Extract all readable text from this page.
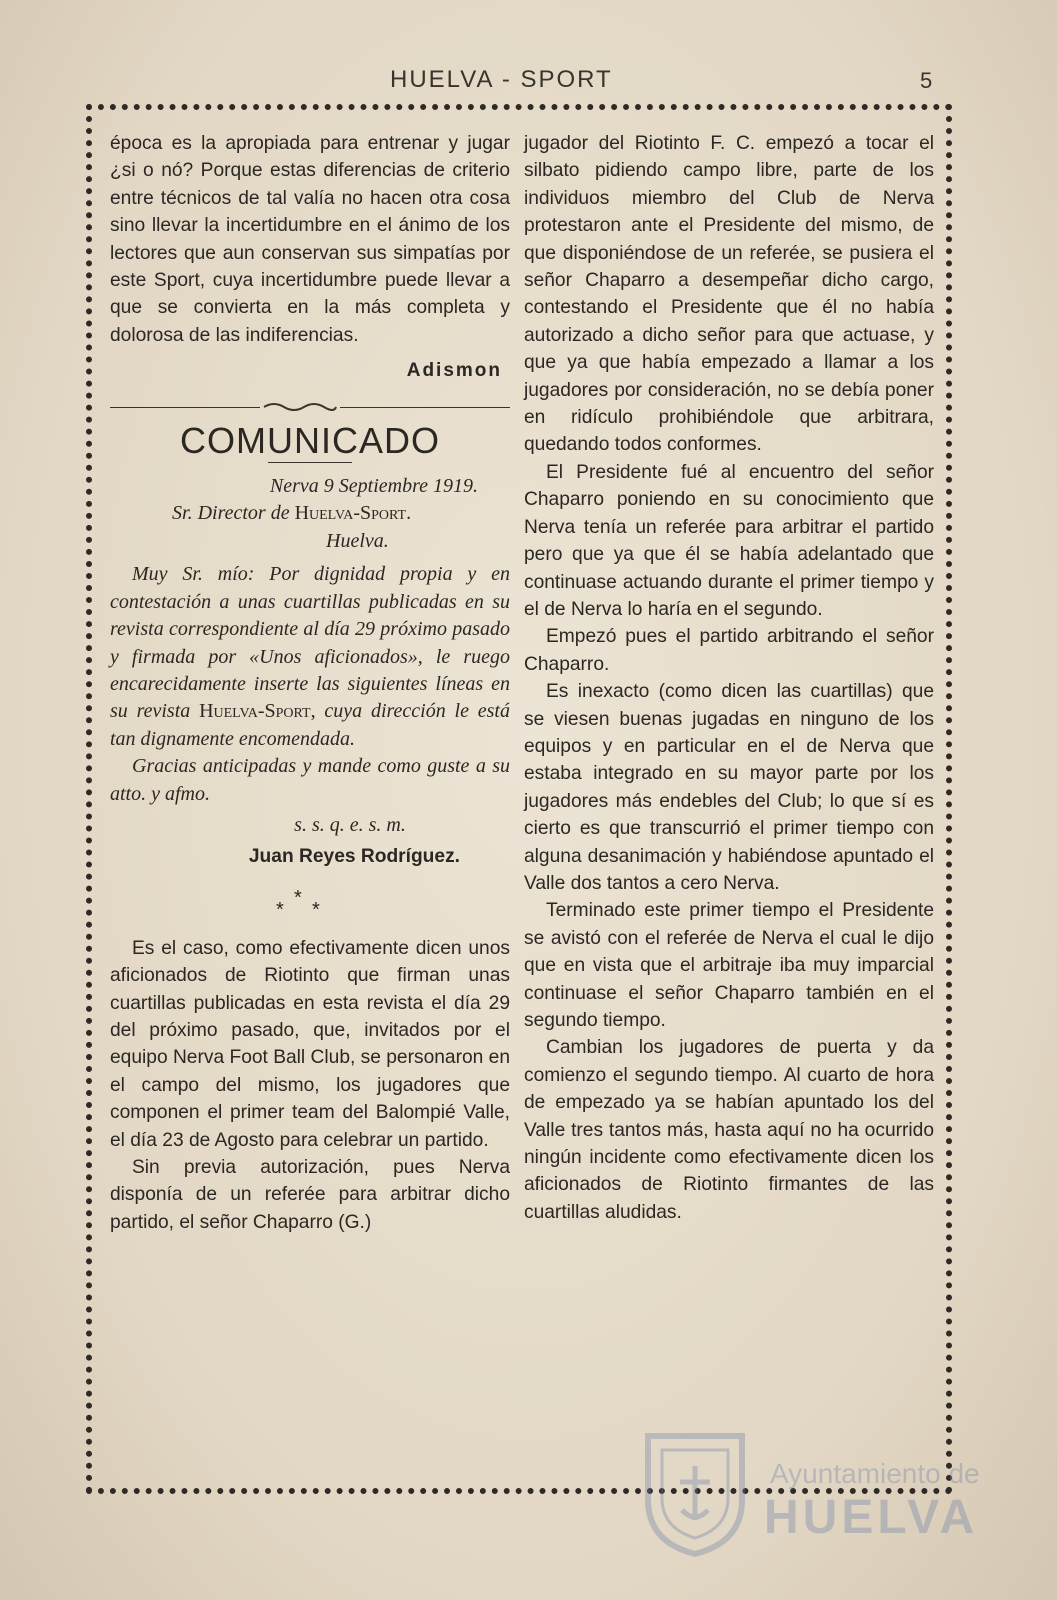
HUELVA - SPORT	5

época es la apropiada para entrenar y jugar ¿si o nó? Porque estas diferencias de criterio entre técnicos de tal valía no hacen otra cosa sino llevar la incertidumbre en el ánimo de los lectores que aun conservan sus simpatías por este Sport, cuya incertidumbre puede llevar a que se convierta en la más completa y dolorosa de las indiferencias.

Adismon

COMUNICADO

Nerva 9 Septiembre 1919.

Sr. Director de Huelva-Sport.

Huelva.

Muy Sr. mío: Por dignidad propia y en contestación a unas cuartillas publicadas en su revista correspondiente al día 29 próximo pasado y firmada por «Unos aficionados», le ruego encarecidamente inserte las siguientes líneas en su revista Huelva-Sport, cuya dirección le está tan dignamente encomendada.

Gracias anticipadas y mande como guste a su atto. y afmo.

s. s. q. e. s. m.

Juan Reyes Rodríguez.

*
* *

Es el caso, como efectivamente dicen unos aficionados de Riotinto que firman unas cuartillas publicadas en esta revista el día 29 del próximo pasado, que, invitados por el equipo Nerva Foot Ball Club, se personaron en el campo del mismo, los jugadores que componen el primer team del Balompié Valle, el día 23 de Agosto para celebrar un partido.

Sin previa autorización, pues Nerva disponía de un referée para arbitrar dicho partido, el señor Chaparro (G.)

jugador del Riotinto F. C. empezó a tocar el silbato pidiendo campo libre, parte de los individuos miembro del Club de Nerva protestaron ante el Presidente del mismo, de que disponiéndose de un referée, se pusiera el señor Chaparro a desempeñar dicho cargo, contestando el Presidente que él no había autorizado a dicho señor para que actuase, y que ya que había empezado a llamar a los jugadores por consideración, no se debía poner en ridículo prohibiéndole que arbitrara, quedando todos conformes.

El Presidente fué al encuentro del señor Chaparro poniendo en su conocimiento que Nerva tenía un referée para arbitrar el partido pero que ya que él se había adelantado que continuase actuando durante el primer tiempo y el de Nerva lo haría en el segundo.

Empezó pues el partido arbitrando el señor Chaparro.

Es inexacto (como dicen las cuartillas) que se viesen buenas jugadas en ninguno de los equipos y en particular en el de Nerva que estaba integrado en su mayor parte por los jugadores más endebles del Club; lo que sí es cierto es que transcurrió el primer tiempo con alguna desanimación y habiéndose apuntado el Valle dos tantos a cero Nerva.

Terminado este primer tiempo el Presidente se avistó con el referée de Nerva el cual le dijo que en vista que el arbitraje iba muy imparcial continuase el señor Chaparro también en el segundo tiempo.

Cambian los jugadores de puerta y da comienzo el segundo tiempo. Al cuarto de hora de empezado ya se habían apuntado los del Valle tres tantos más, hasta aquí no ha ocurrido ningún incidente como efectivamente dicen los aficionados de Riotinto firmantes de las cuartillas aludidas.

Ayuntamiento de
HUELVA
